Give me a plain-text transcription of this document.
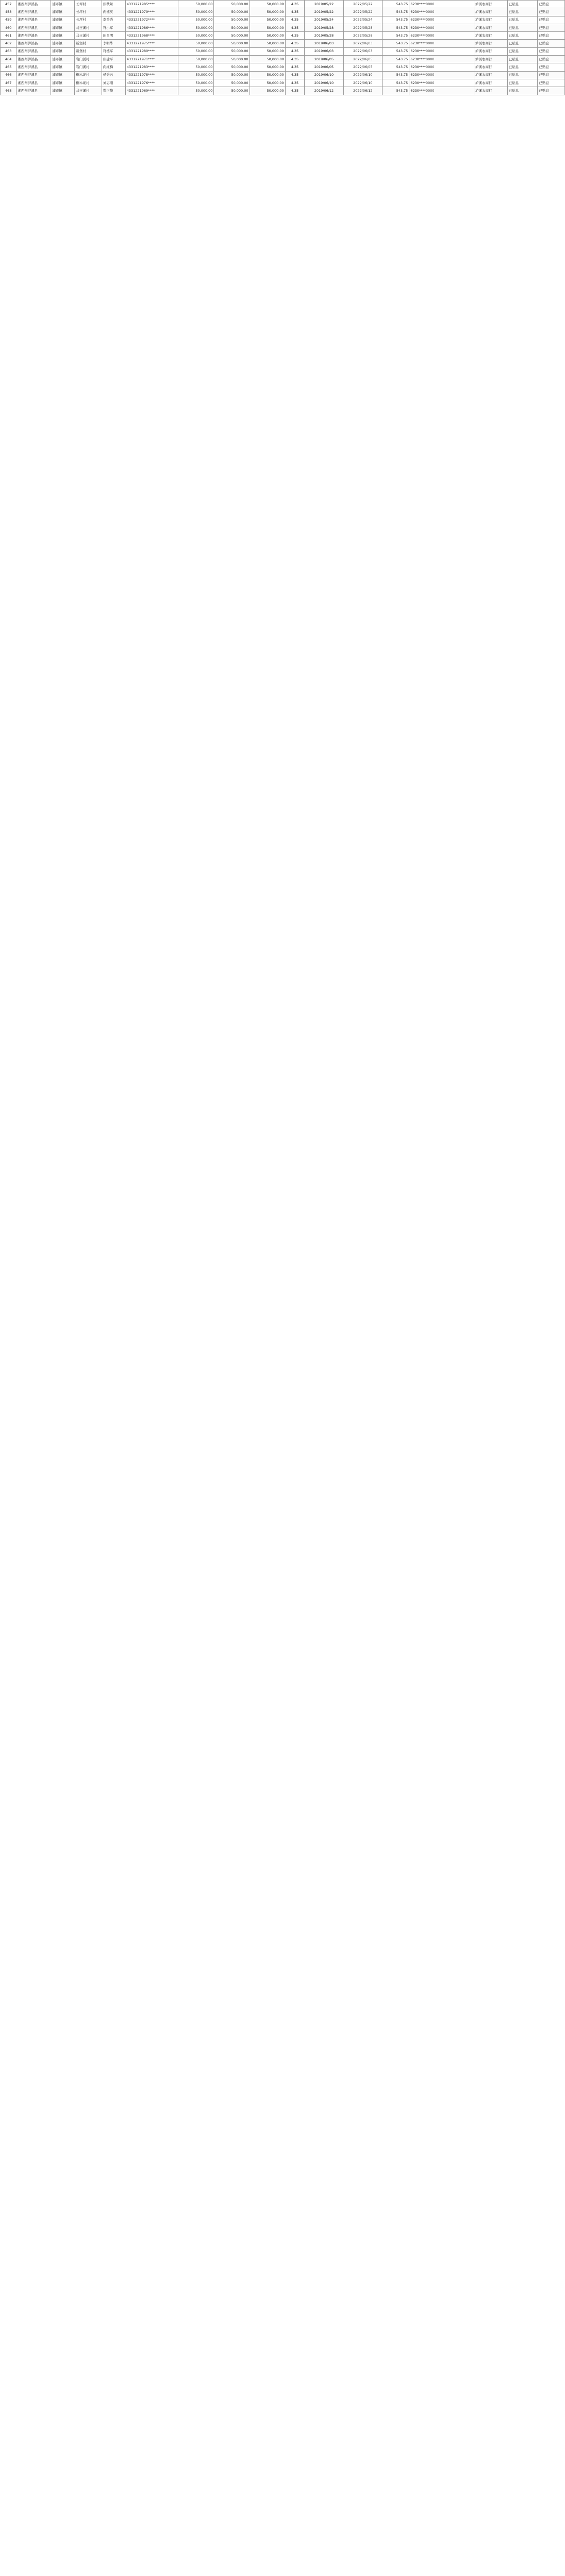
457	湘西州泸溪县	浦市镇	长坪村	张秋妹	4331221985****	50,000.00	50,000.00	50,000.00	4.35	2019/05/22	2022/05/22	543.75	6230****0000	泸溪农商行	已贴息	已贴息
458	湘西州泸溪县	浦市镇	长坪村	向德英	4331221979****	50,000.00	50,000.00	50,000.00	4.35	2019/05/22	2022/05/22	543.75	6230****0000	泸溪农商行	已贴息	已贴息
459	湘西州泸溪县	浦市镇	长坪村	李香秀	4331221972****	50,000.00	50,000.00	50,000.00	4.35	2019/05/24	2022/05/24	543.75	6230****0000	泸溪农商行	已贴息	已贴息
460	湘西州泸溪县	浦市镇	马王溪村	符小军	4331221986****	50,000.00	50,000.00	50,000.00	4.35	2019/05/28	2022/05/28	543.75	6230****0000	泸溪农商行	已贴息	已贴息
461	湘西州泸溪县	浦市镇	马王溪村	田昌明	4331221968****	50,000.00	50,000.00	50,000.00	4.35	2019/05/28	2022/05/28	543.75	6230****0000	泸溪农商行	已贴息	已贴息
462	湘西州泸溪县	浦市镇	新堡村	李明华	4331221975****	50,000.00	50,000.00	50,000.00	4.35	2019/06/03	2022/06/03	543.75	6230****0000	泸溪农商行	已贴息	已贴息
463	湘西州泸溪县	浦市镇	新堡村	符德军	4331221980****	50,000.00	50,000.00	50,000.00	4.35	2019/06/03	2022/06/03	543.75	6230****0000	泸溪农商行	已贴息	已贴息
464	湘西州泸溪县	浦市镇	岩门溪村	张建平	4331221971****	50,000.00	50,000.00	50,000.00	4.35	2019/06/05	2022/06/05	543.75	6230****0000	泸溪农商行	已贴息	已贴息
465	湘西州泸溪县	浦市镇	岩门溪村	向红梅	4331221983****	50,000.00	50,000.00	50,000.00	4.35	2019/06/05	2022/06/05	543.75	6230****0000	泸溪农商行	已贴息	已贴息
466	湘西州泸溪县	浦市镇	桐木垅村	杨秀云	4331221978****	50,000.00	50,000.00	50,000.00	4.35	2019/06/10	2022/06/10	543.75	6230****0000	泸溪农商行	已贴息	已贴息
467	湘西州泸溪县	浦市镇	桐木垅村	刘志刚	4331221976****	50,000.00	50,000.00	50,000.00	4.35	2019/06/10	2022/06/10	543.75	6230****0000	泸溪农商行	已贴息	已贴息
468	湘西州泸溪县	浦市镇	马王溪村	瞿正华	4331221969****	50,000.00	50,000.00	50,000.00	4.35	2019/06/12	2022/06/12	543.75	6230****0000	泸溪农商行	已贴息	已贴息
